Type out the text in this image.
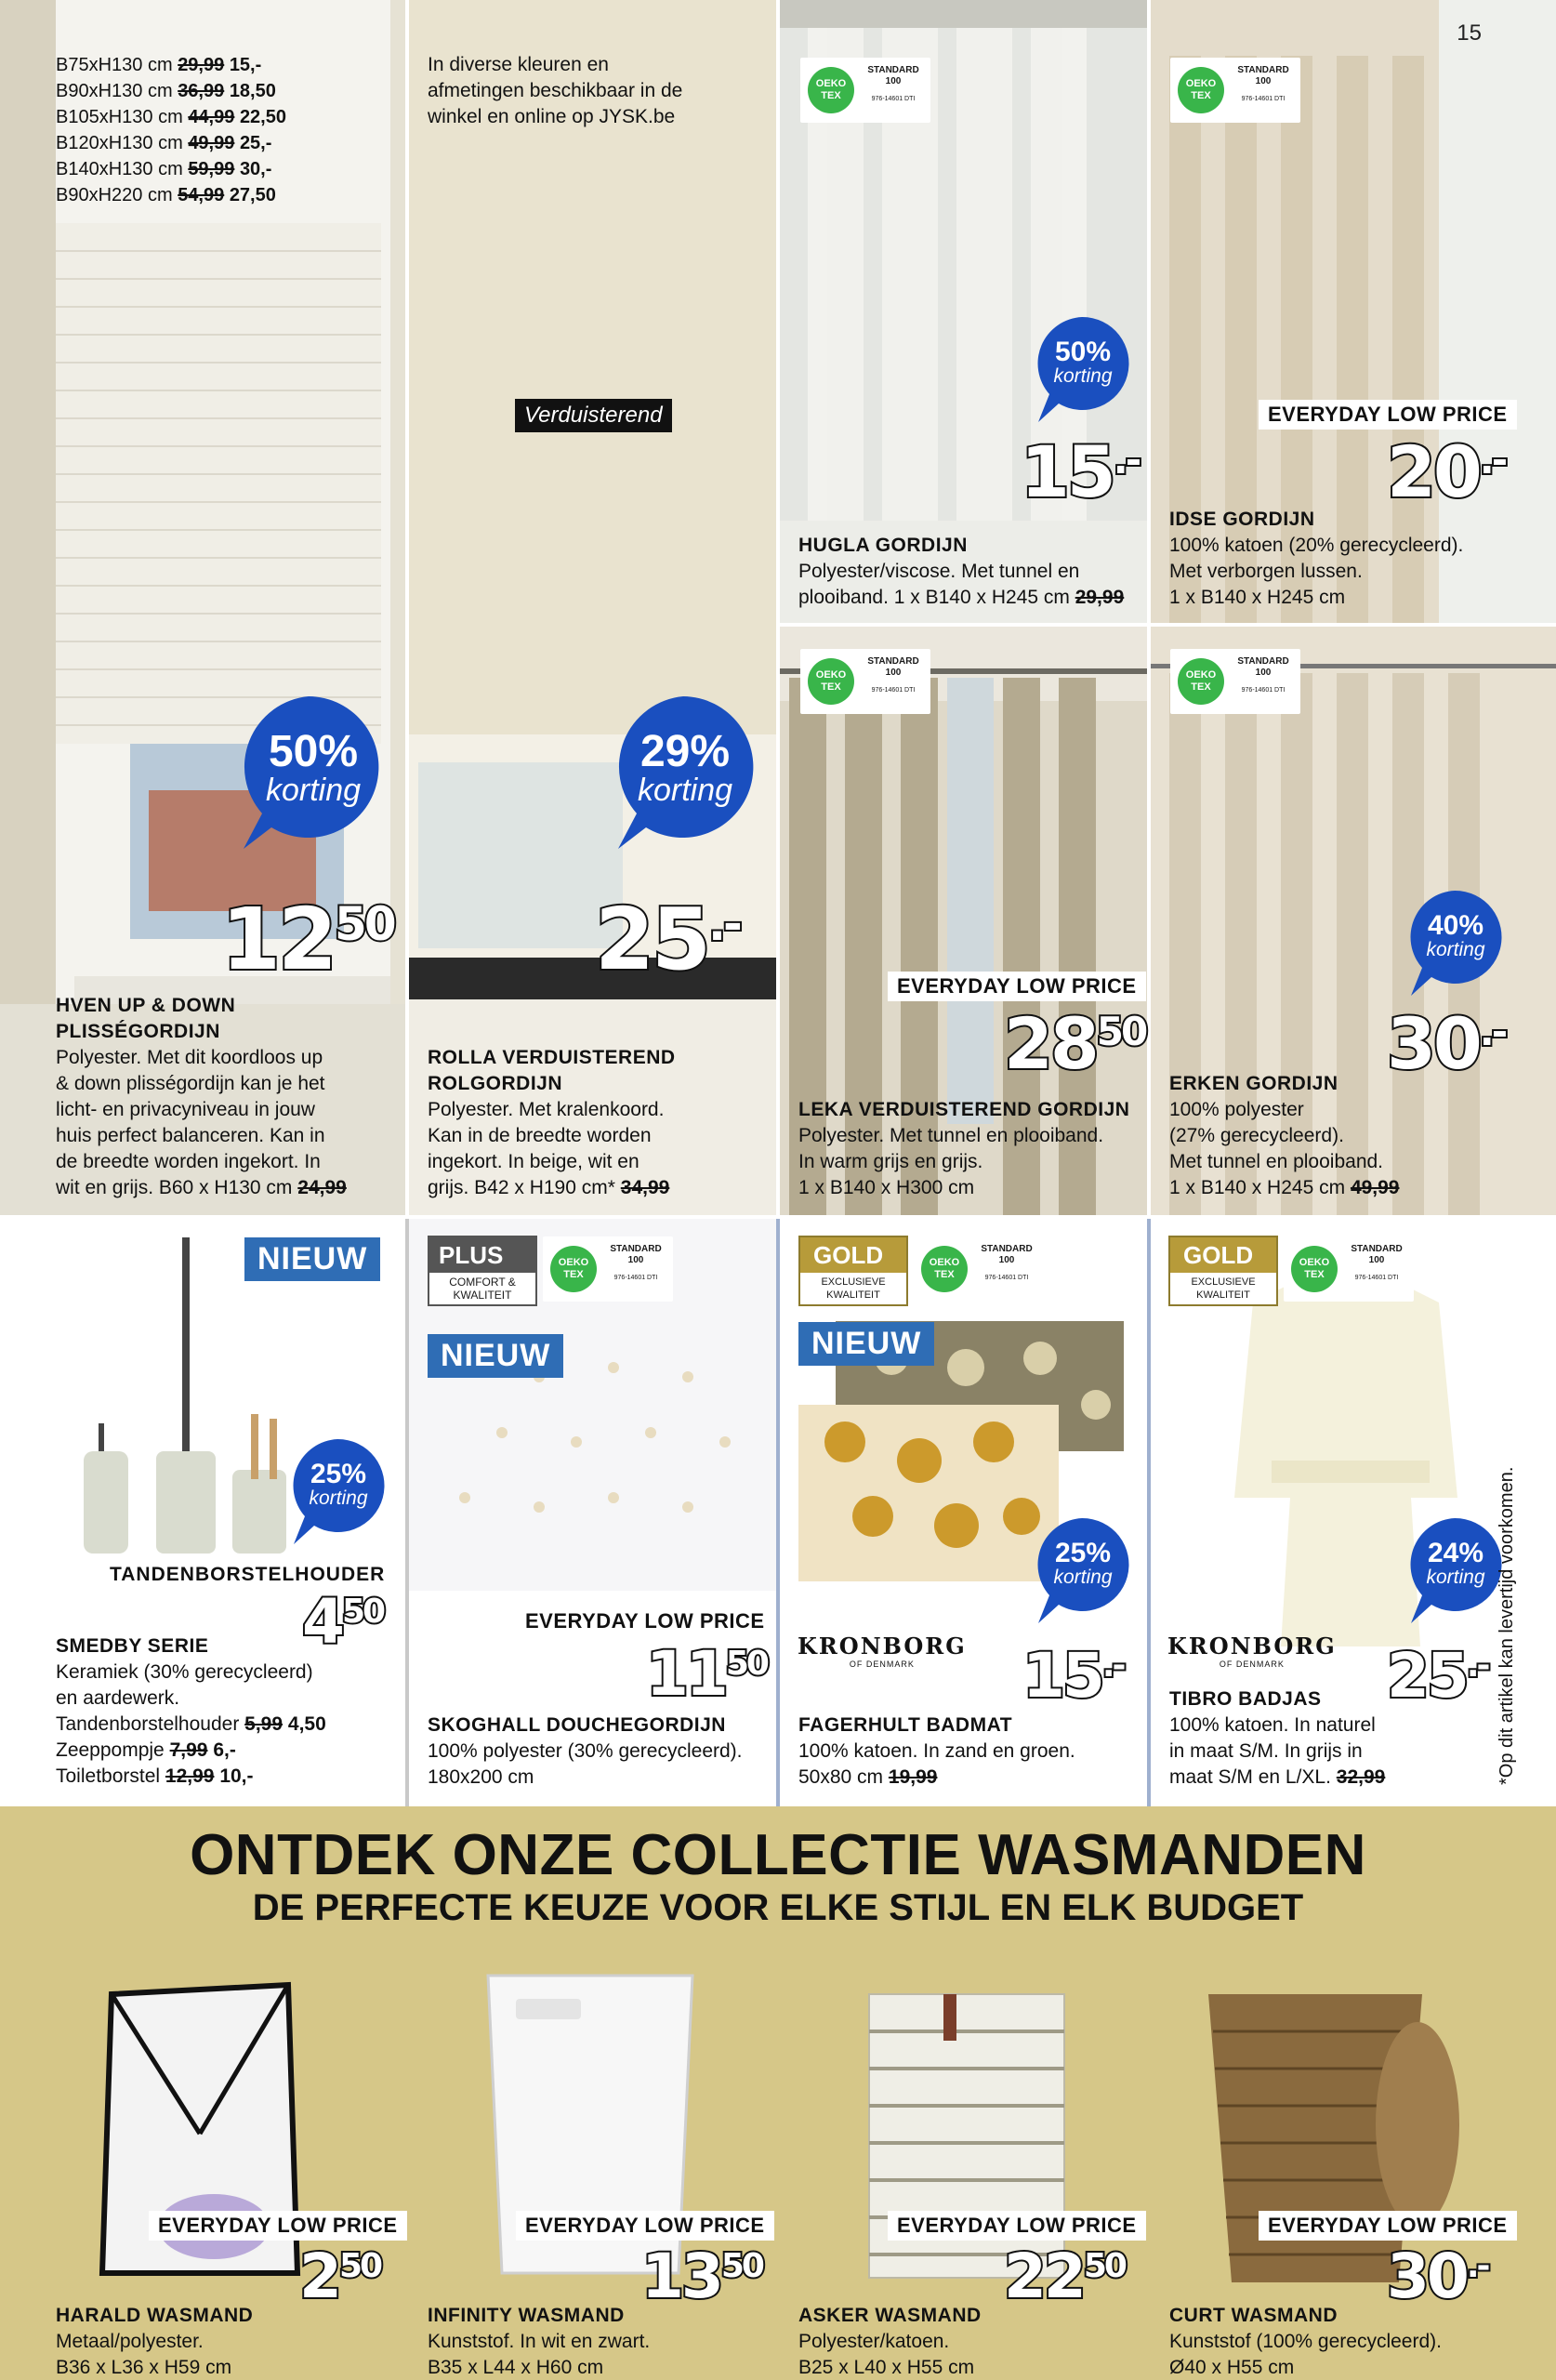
15
B75xH130 cm 29,99 15,-
B90xH130 cm 36,99 18,50
B105xH130 cm 44,99 22,50
B120xH130 cm 49,99 25,-
B140xH130 cm 59,99 30,-
B90xH220 cm 54,99 27,50
50%
korting
1250
HVEN UP & DOWN
PLISSÉGORDIJN
Polyester. Met dit koordloos up
& down plisségordijn kan je het
licht- en privacyniveau in jouw
huis perfect balanceren. Kan in
de breedte worden ingekort. In
wit en grijs. B60 x H130 cm 24,99
In diverse kleuren en
afmetingen beschikbaar in de
winkel en online op JYSK.be
Verduisterend
29%
korting
25.-
ROLLA VERDUISTEREND
ROLGORDIJN
Polyester. Met kralenkoord.
Kan in de breedte worden
ingekort. In beige, wit en
grijs. B42 x H190 cm* 34,99
OEKO TEX
STANDARD 100
976-14601 DTI
50%
korting
15.-
HUGLA GORDIJN
Polyester/viscose. Met tunnel en
plooiband. 1 x B140 x H245 cm 29,99
OEKO TEX
STANDARD 100
976-14601 DTI
EVERYDAY LOW PRICE
20.-
IDSE GORDIJN
100% katoen (20% gerecycleerd).
Met verborgen lussen.
1 x B140 x H245 cm
OEKO TEX
STANDARD 100
976-14601 DTI
EVERYDAY LOW PRICE
2850
LEKA VERDUISTEREND GORDIJN
Polyester. Met tunnel en plooiband.
In warm grijs en grijs.
1 x B140 x H300 cm
OEKO TEX
STANDARD 100
976-14601 DTI
40%
korting
30.-
ERKEN GORDIJN
100% polyester
(27% gerecycleerd).
Met tunnel en plooiband.
1 x B140 x H245 cm 49,99
NIEUW
25%
korting
TANDENBORSTELHOUDER
450
SMEDBY SERIE
Keramiek (30% gerecycleerd)
en aardewerk.
Tandenborstelhouder 5,99 4,50
Zeeppompje 7,99 6,-
Toiletborstel 12,99 10,-
PLUS
COMFORT & KWALITEIT
OEKO TEX
STANDARD 100
976-14601 DTI
NIEUW
EVERYDAY LOW PRICE
1150
SKOGHALL DOUCHEGORDIJN
100% polyester (30% gerecycleerd).
180x200 cm
GOLD
EXCLUSIEVE KWALITEIT
OEKO TEX
STANDARD 100
976-14601 DTI
NIEUW
25%
korting
KRONBORG
OF DENMARK	15.-
FAGERHULT BADMAT
100% katoen. In zand en groen.
50x80 cm 19,99
GOLD
EXCLUSIEVE KWALITEIT
OEKO TEX
STANDARD 100
976-14601 DTI
24%
korting
KRONBORG
OF DENMARK	25.-
TIBRO BADJAS
100% katoen. In naturel
in maat S/M. In grijs in
maat S/M en L/XL. 32,99	*Op dit artikel kan levertijd voorkomen.
ONTDEK ONZE COLLECTIE WASMANDEN
DE PERFECTE KEUZE VOOR ELKE STIJL EN ELK BUDGET
EVERYDAY LOW PRICE
250
HARALD WASMAND
Metaal/polyester.
B36 x L36 x H59 cm
EVERYDAY LOW PRICE
1350
INFINITY WASMAND
Kunststof. In wit en zwart.
B35 x L44 x H60 cm
EVERYDAY LOW PRICE
2250
ASKER WASMAND
Polyester/katoen.
B25 x L40 x H55 cm
EVERYDAY LOW PRICE
30.-
CURT WASMAND
Kunststof (100% gerecycleerd).
Ø40 x H55 cm
